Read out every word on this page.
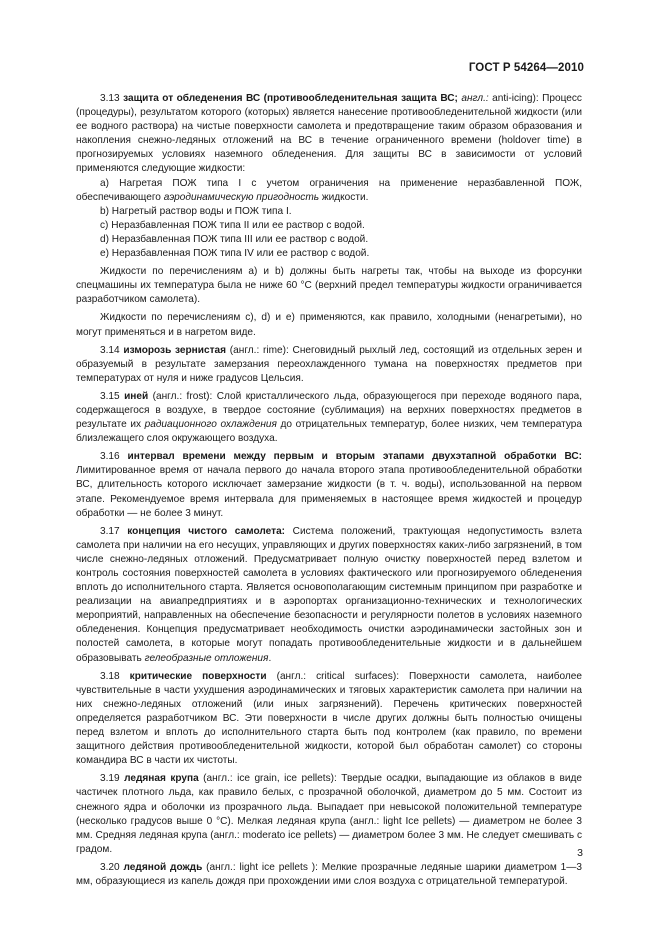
ГОСТ Р 54264—2010

3.13 защита от обледенения ВС (противообледенительная защита ВС; англ.: anti-icing): Процесс (процедуры), результатом которого (которых) является нанесение противообледенительной жидкости (или ее водного раствора) на чистые поверхности самолета и предотвращение таким образом образования и накопления снежно-ледяных отложений на ВС в течение ограниченного времени (holdover time) в прогнозируемых условиях наземного обледенения. Для защиты ВС в зависимости от условий применяются следующие жидкости:

a) Нагретая ПОЖ типа I с учетом ограничения на применение неразбавленной ПОЖ, обеспечивающего аэродинамическую пригодность жидкости.

b) Нагретый раствор воды и ПОЖ типа I.

c) Неразбавленная ПОЖ типа II или ее раствор с водой.

d) Неразбавленная ПОЖ типа III или ее раствор с водой.

e) Неразбавленная ПОЖ типа IV или ее раствор с водой.

Жидкости по перечислениям a) и b) должны быть нагреты так, чтобы на выходе из форсунки спецмашины их температура была не ниже 60 °С (верхний предел температуры жидкости ограничивается разработчиком самолета).

Жидкости по перечислениям c), d) и e) применяются, как правило, холодными (ненагретыми), но могут применяться и в нагретом виде.

3.14 изморозь зернистая (англ.: rime): Снеговидный рыхлый лед, состоящий из отдельных зерен и образуемый в результате замерзания переохлажденного тумана на поверхностях предметов при температурах от нуля и ниже градусов Цельсия.

3.15 иней (англ.: frost): Слой кристаллического льда, образующегося при переходе водяного пара, содержащегося в воздухе, в твердое состояние (сублимация) на верхних поверхностях предметов в результате их радиационного охлаждения до отрицательных температур, более низких, чем температура близлежащего слоя окружающего воздуха.

3.16 интервал времени между первым и вторым этапами двухэтапной обработки ВС: Лимитированное время от начала первого до начала второго этапа противообледенительной обработки ВС, длительность которого исключает замерзание жидкости (в т. ч. воды), использованной на первом этапе. Рекомендуемое время интервала для применяемых в настоящее время жидкостей и процедур обработки — не более 3 минут.

3.17 концепция чистого самолета: Система положений, трактующая недопустимость взлета самолета при наличии на его несущих, управляющих и других поверхностях каких-либо загрязнений, в том числе снежно-ледяных отложений. Предусматривает полную очистку поверхностей перед взлетом и контроль состояния поверхностей самолета в условиях фактического или прогнозируемого обледенения вплоть до исполнительного старта. Является основополагающим системным принципом при разработке и реализации на авиапредприятиях и в аэропортах организационно-технических и технологических мероприятий, направленных на обеспечение безопасности и регулярности полетов в условиях наземного обледенения. Концепция предусматривает необходимость очистки аэродинамически застойных зон и полостей самолета, в которые могут попадать противообледенительные жидкости и в дальнейшем образовывать гелеобразные отложения.

3.18 критические поверхности (англ.: critical surfaces): Поверхности самолета, наиболее чувствительные в части ухудшения аэродинамических и тяговых характеристик самолета при наличии на них снежно-ледяных отложений (или иных загрязнений). Перечень критических поверхностей определяется разработчиком ВС. Эти поверхности в числе других должны быть полностью очищены перед взлетом и вплоть до исполнительного старта быть под контролем (как правило, по времени защитного действия противообледенительной жидкости, которой был обработан самолет) со стороны командира ВС в части их чистоты.

3.19 ледяная крупа (англ.: ice grain, ice pellets): Твердые осадки, выпадающие из облаков в виде частичек плотного льда, как правило белых, с прозрачной оболочкой, диаметром до 5 мм. Состоит из снежного ядра и оболочки из прозрачного льда. Выпадает при невысокой положительной температуре (несколько градусов выше 0 °С). Мелкая ледяная крупа (англ.: light Ice pellets) — диаметром не более 3 мм. Средняя ледяная крупа (англ.: moderato ice pellets) — диаметром более 3 мм. Не следует смешивать с градом.

3.20 ледяной дождь (англ.: light ice pellets ): Мелкие прозрачные ледяные шарики диаметром 1—3 мм, образующиеся из капель дождя при прохождении ими слоя воздуха с отрицательной температурой.

3
